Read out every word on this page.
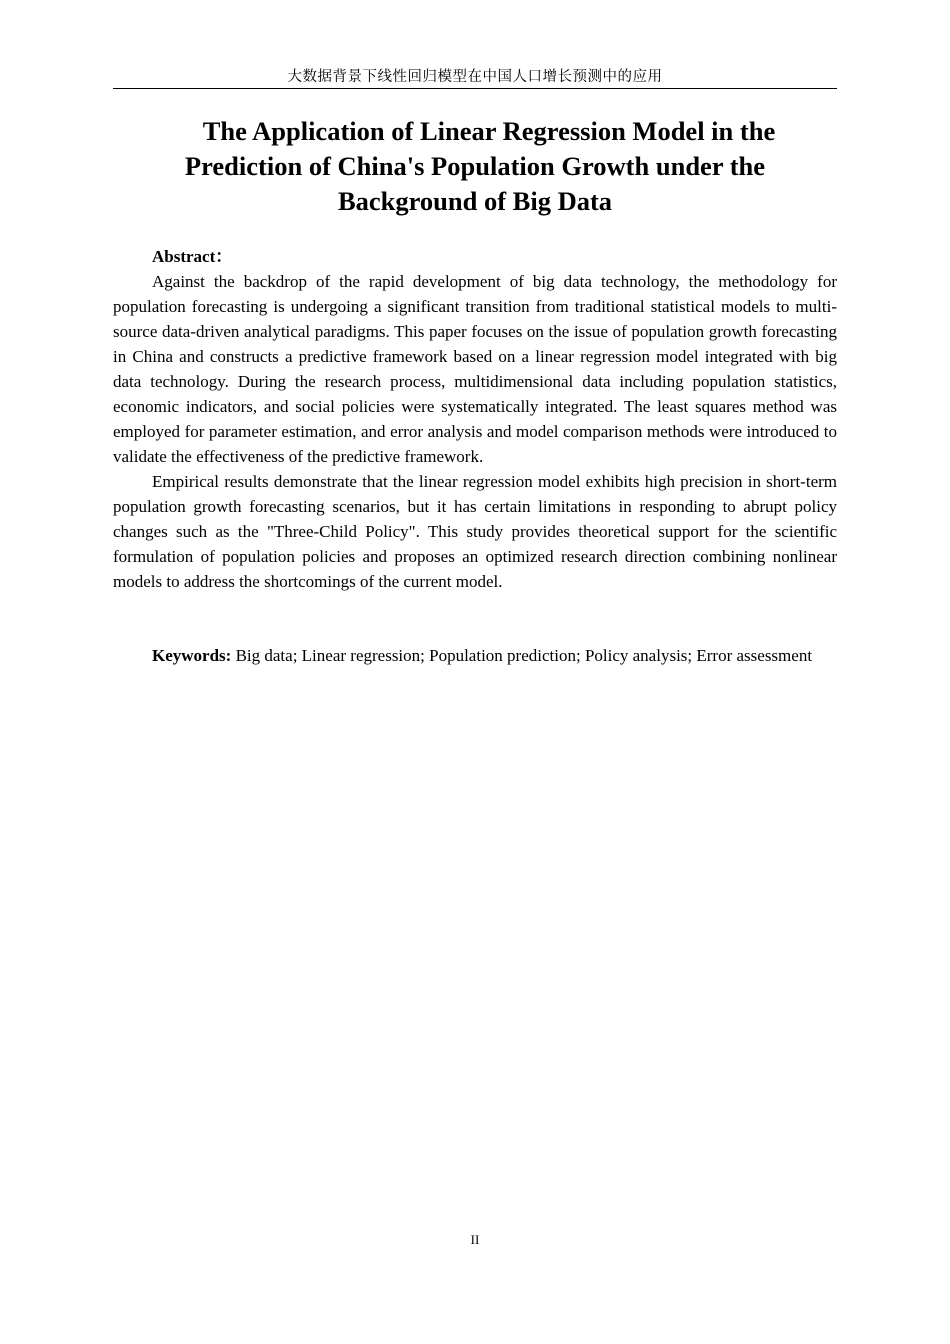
大数据背景下线性回归模型在中国人口增长预测中的应用
The Application of Linear Regression Model in the
Prediction of China's Population Growth under the
Background of Big Data
Abstract：

Against the backdrop of the rapid development of big data technology, the methodology for population forecasting is undergoing a significant transition from traditional statistical models to multi-source data-driven analytical paradigms. This paper focuses on the issue of population growth forecasting in China and constructs a predictive framework based on a linear regression model integrated with big data technology. During the research process, multidimensional data including population statistics, economic indicators, and social policies were systematically integrated. The least squares method was employed for parameter estimation, and error analysis and model comparison methods were introduced to validate the effectiveness of the predictive framework.

Empirical results demonstrate that the linear regression model exhibits high precision in short-term population growth forecasting scenarios, but it has certain limitations in responding to abrupt policy changes such as the "Three-Child Policy". This study provides theoretical support for the scientific formulation of population policies and proposes an optimized research direction combining nonlinear models to address the shortcomings of the current model.

Keywords: Big data; Linear regression; Population prediction; Policy analysis; Error assessment

II
